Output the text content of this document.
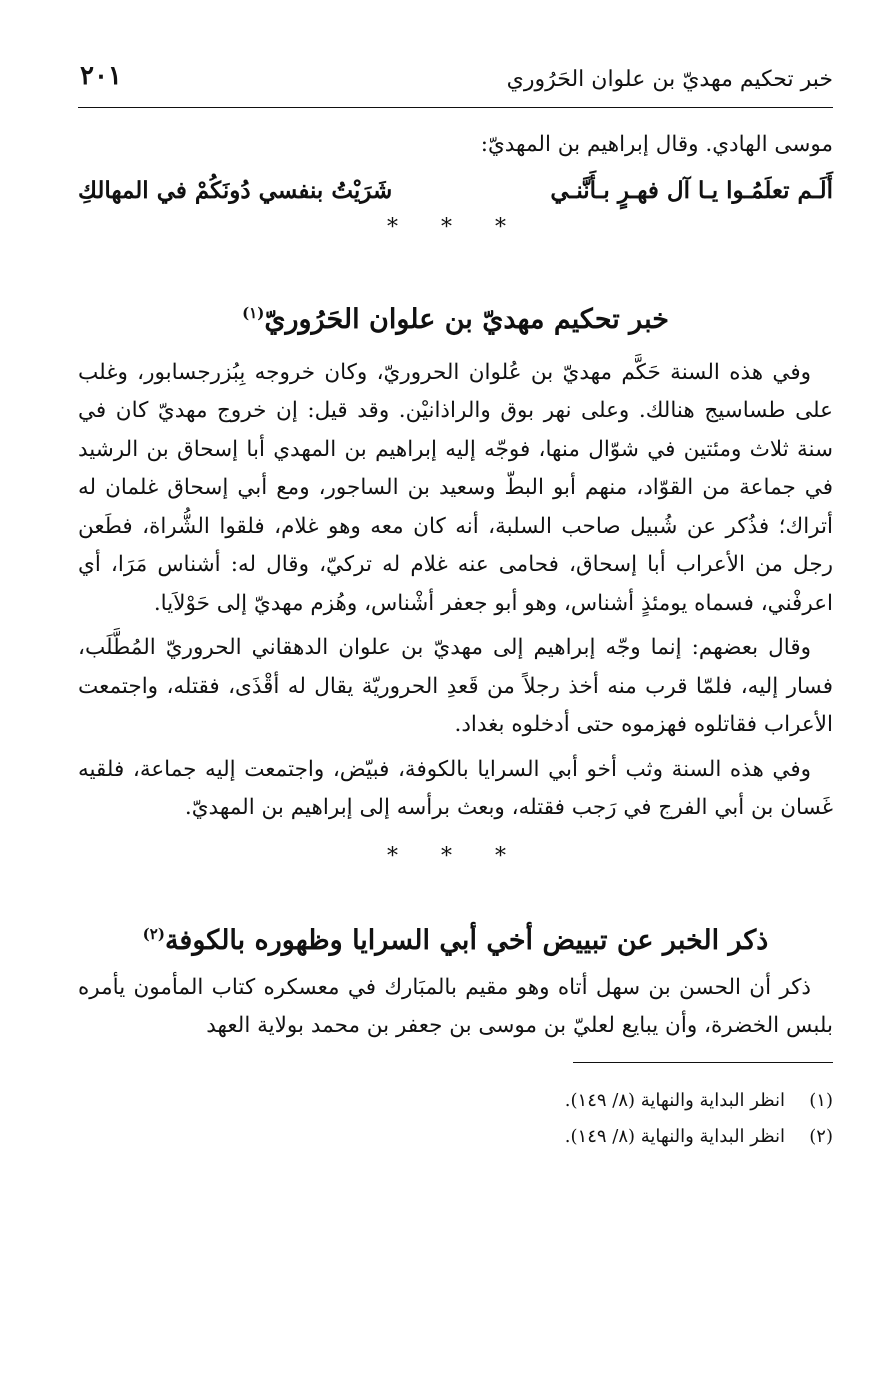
خبر تحكيم مهديّ بن علوان الحَرُوري
٢٠١

موسى الهادي. وقال إبراهيم بن المهديّ:

أَلَـم تعلَمُـوا يـا آل فهـرٍ بـأَنَّنـي
شَرَيْتُ بنفسي دُونَكُمْ في المهالكِ
* * *
خبر تحكيم مهديّ بن علوان الحَرُوريّ$^{(١)}$

وفي هذه السنة حَكَّم مهديّ بن عُلوان الحروريّ، وكان خروجه بِبُزرجسابور، وغلب على طساسيج هنالك. وعلى نهر بوق والراذانيْن. وقد قيل: إن خروج مهديّ كان في سنة ثلاث ومئتين في شوّال منها، فوجّه إليه إبراهيم بن المهدي أبا إسحاق بن الرشيد في جماعة من القوّاد، منهم أبو البطّ وسعيد بن الساجور، ومع أبي إسحاق غلمان له أتراك؛ فذُكر عن شُبيل صاحب السلبة، أنه كان معه وهو غلام، فلقوا الشُّراة، فطَعن رجل من الأعراب أبا إسحاق، فحامى عنه غلام له تركيّ، وقال له: أشناس مَرَا، أي اعرفْني، فسماه يومئذٍ أشناس، وهو أبو جعفر أشْناس، وهُزم مهديّ إلى حَوْلاَيا.

وقال بعضهم: إنما وجّه إبراهيم إلى مهديّ بن علوان الدهقاني الحروريّ المُطَّلَب، فسار إليه، فلمّا قرب منه أخذ رجلاً من قَعدِ الحروريّة يقال له أقْذَى، فقتله، واجتمعت الأعراب فقاتلوه فهزموه حتى أدخلوه بغداد.

وفي هذه السنة وثب أخو أبي السرايا بالكوفة، فبيّض، واجتمعت إليه جماعة، فلقيه غَسان بن أبي الفرج في رَجب فقتله، وبعث برأسه إلى إبراهيم بن المهديّ.

* * *
ذكر الخبر عن تبييض أخي أبي السرايا وظهوره بالكوفة$^{(٢)}$

ذكر أن الحسن بن سهل أتاه وهو مقيم بالمبَارك في معسكره كتاب المأمون يأمره بلبس الخضرة، وأن يبايع لعليّ بن موسى بن جعفر بن محمد بولاية العهد

(١)
انظر البداية والنهاية (٨/ ١٤٩).
(٢)
انظر البداية والنهاية (٨/ ١٤٩).
